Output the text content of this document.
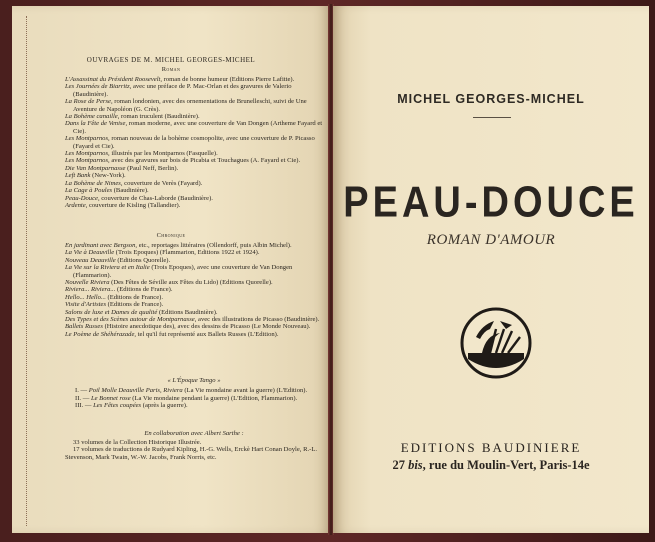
OUVRAGES DE M. MICHEL GEORGES-MICHEL
Roman

L'Assassinat du Président Roosevelt, roman de bonne humeur (Editions Pierre Lafitte).

Les Journées de Biarritz, avec une préface de P. Mac-Orlan et des gravures de Valerio (Baudinière).

La Rose de Perse, roman londonien, avec des ornementations de Brunelleschi, suivi de Une Aventure de Napoléon (G. Crès).

La Bohème canaille, roman truculent (Baudinière).

Dans la Fête de Venise, roman moderne, avec une couverture de Van Dongen (Artheme Fayard et Cie).

Les Montparnos, roman nouveau de la bohème cosmopolite, avec une couverture de P. Picasso (Fayard et Cie).

Les Montparnos, illustrés par les Montparnos (Fasquelle).

Les Montparnos, avec des gravures sur bois de Picabia et Touchagues (A. Fayard et Cie).

Die Van Montparnasse (Paul Neff, Berlin).

Left Bank (New-York).

La Bohème de Nimes, couverture de Verès (Fayard).

La Cage à Poules (Baudinière).

Peau-Douce, couverture de Chas-Laborde (Baudinière).

Ardente, couverture de Kisling (Tallandier).

Chronique

En jardinant avec Bergson, etc., reportages littéraires (Ollendorff, puis Albin Michel).

La Vie à Deauville (Trois Epoques) (Flammarion, Editions 1922 et 1924).

Nouveau Deauville (Editions Quorelle).

La Vie sur la Riviera et en Italie (Trois Epoques), avec une couverture de Van Dongen (Flammarion).

Nouvelle Riviera (Des Fêtes de Séville aux Fêtes du Lido) (Editions Quorelle).

Riviera... Riviera... (Editions de France).

Hello... Hello... (Editions de France).

Visite d'Artistes (Editions de France).

Salons de luxe et Dames de qualité (Editions Baudinière).

Des Types et des Scènes autour de Montparnasse, avec des illustrations de Picasso (Baudinière).

Ballets Russes (Histoire anecdotique des), avec des dessins de Picasso (Le Monde Nouveau).

Le Poème de Shéhérazade, tel qu'il fut représenté aux Ballets Russes (L'Edition).

« L'Époque Tango »

I. — Poil Molle Deauville Paris, Riviera (La Vie mondaine avant la guerre) (L'Edition).

II. — Le Bonnet rose (La Vie mondaine pendant la guerre) (L'Edition, Flammarion).

III. — Les Fêtes coupées (après la guerre).

En collaboration avec Albert Sarthe :

33 volumes de la Collection Historique Illustrée.

17 volumes de traductions de Rudyard Kipling, H.-G. Wells, Erckè Hart Conan Doyle, R.-L. Stevenson, Mark Twain, W.-W. Jacobs, Frank Norris, etc.

MICHEL GEORGES-MICHEL
PEAU-DOUCE
ROMAN D'AMOUR
EDITIONS BAUDINIERE
27 bis, rue du Moulin-Vert, Paris-14e
